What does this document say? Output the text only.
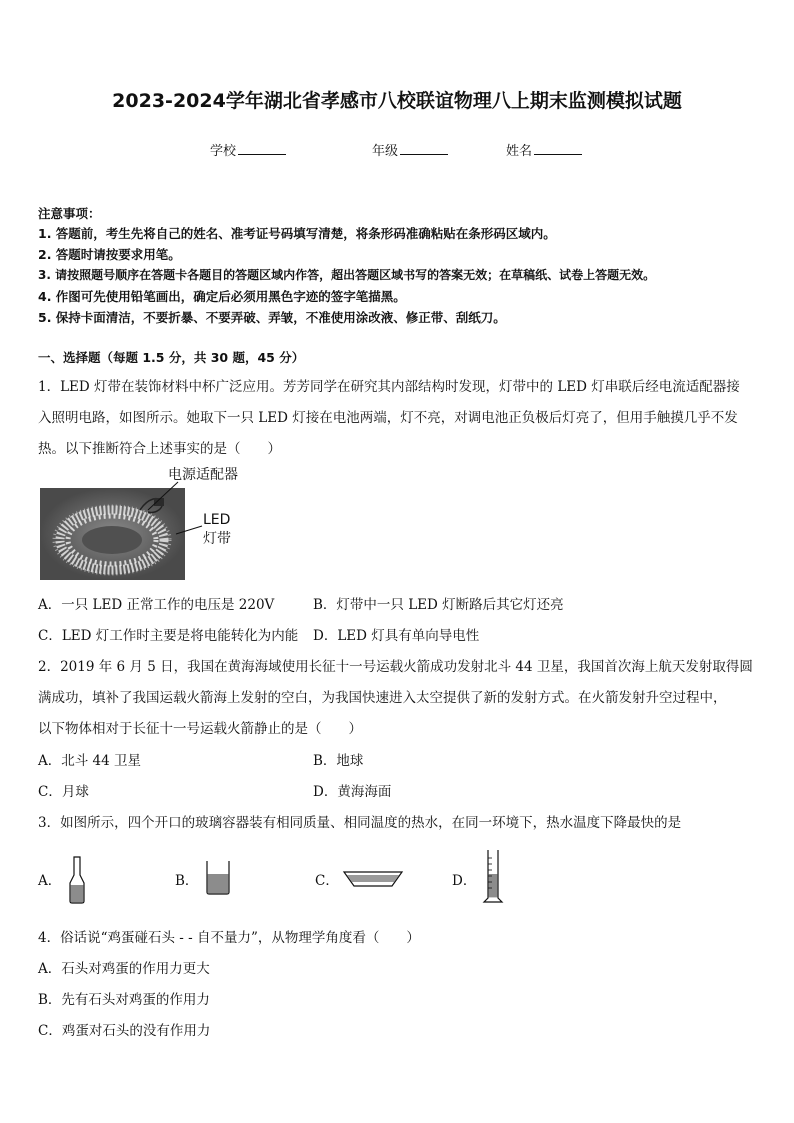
2023-2024学年湖北省孝感市八校联谊物理八上期末监测模拟试题
学校	年级	姓名
注意事项：
1. 答题前，考生先将自己的姓名、准考证号码填写清楚，将条形码准确粘贴在条形码区域内。
2. 答题时请按要求用笔。
3. 请按照题号顺序在答题卡各题目的答题区域内作答，超出答题区域书写的答案无效；在草稿纸、试卷上答题无效。
4. 作图可先使用铅笔画出，确定后必须用黑色字迹的签字笔描黑。
5. 保持卡面清洁，不要折暴、不要弄破、弄皱，不准使用涂改液、修正带、刮纸刀。
一、选择题（每题 1.5 分，共 30 题，45 分）
1．LED 灯带在装饰材料中杯广泛应用。芳芳同学在研究其内部结构时发现，灯带中的 LED 灯串联后经电流适配器接
入照明电路，如图所示。她取下一只 LED 灯接在电池两端，灯不亮，对调电池正负极后灯亮了，但用手触摸几乎不发
热。以下推断符合上述事实的是（　　）
电源适配器
LED
灯带
A．一只 LED 正常工作的电压是 220V	B．灯带中一只 LED 灯断路后其它灯还亮
C．LED 灯工作时主要是将电能转化为内能 D．LED 灯具有单向导电性
2．2019 年 6 月 5 日，我国在黄海海域使用长征十一号运载火箭成功发射北斗 44 卫星，我国首次海上航天发射取得圆
满成功，填补了我国运载火箭海上发射的空白，为我国快速进入太空提供了新的发射方式。在火箭发射升空过程中，
以下物体相对于长征十一号运载火箭静止的是（　　）
A．北斗 44 卫星	B．地球
C．月球	D．黄海海面
3．如图所示，四个开口的玻璃容器装有相同质量、相同温度的热水，在同一环境下，热水温度下降最快的是
A．	B．	C．	D．
4．俗话说“鸡蛋碰石头 - - 自不量力”，从物理学角度看（　　）
A．石头对鸡蛋的作用力更大
B．先有石头对鸡蛋的作用力
C．鸡蛋对石头的没有作用力
